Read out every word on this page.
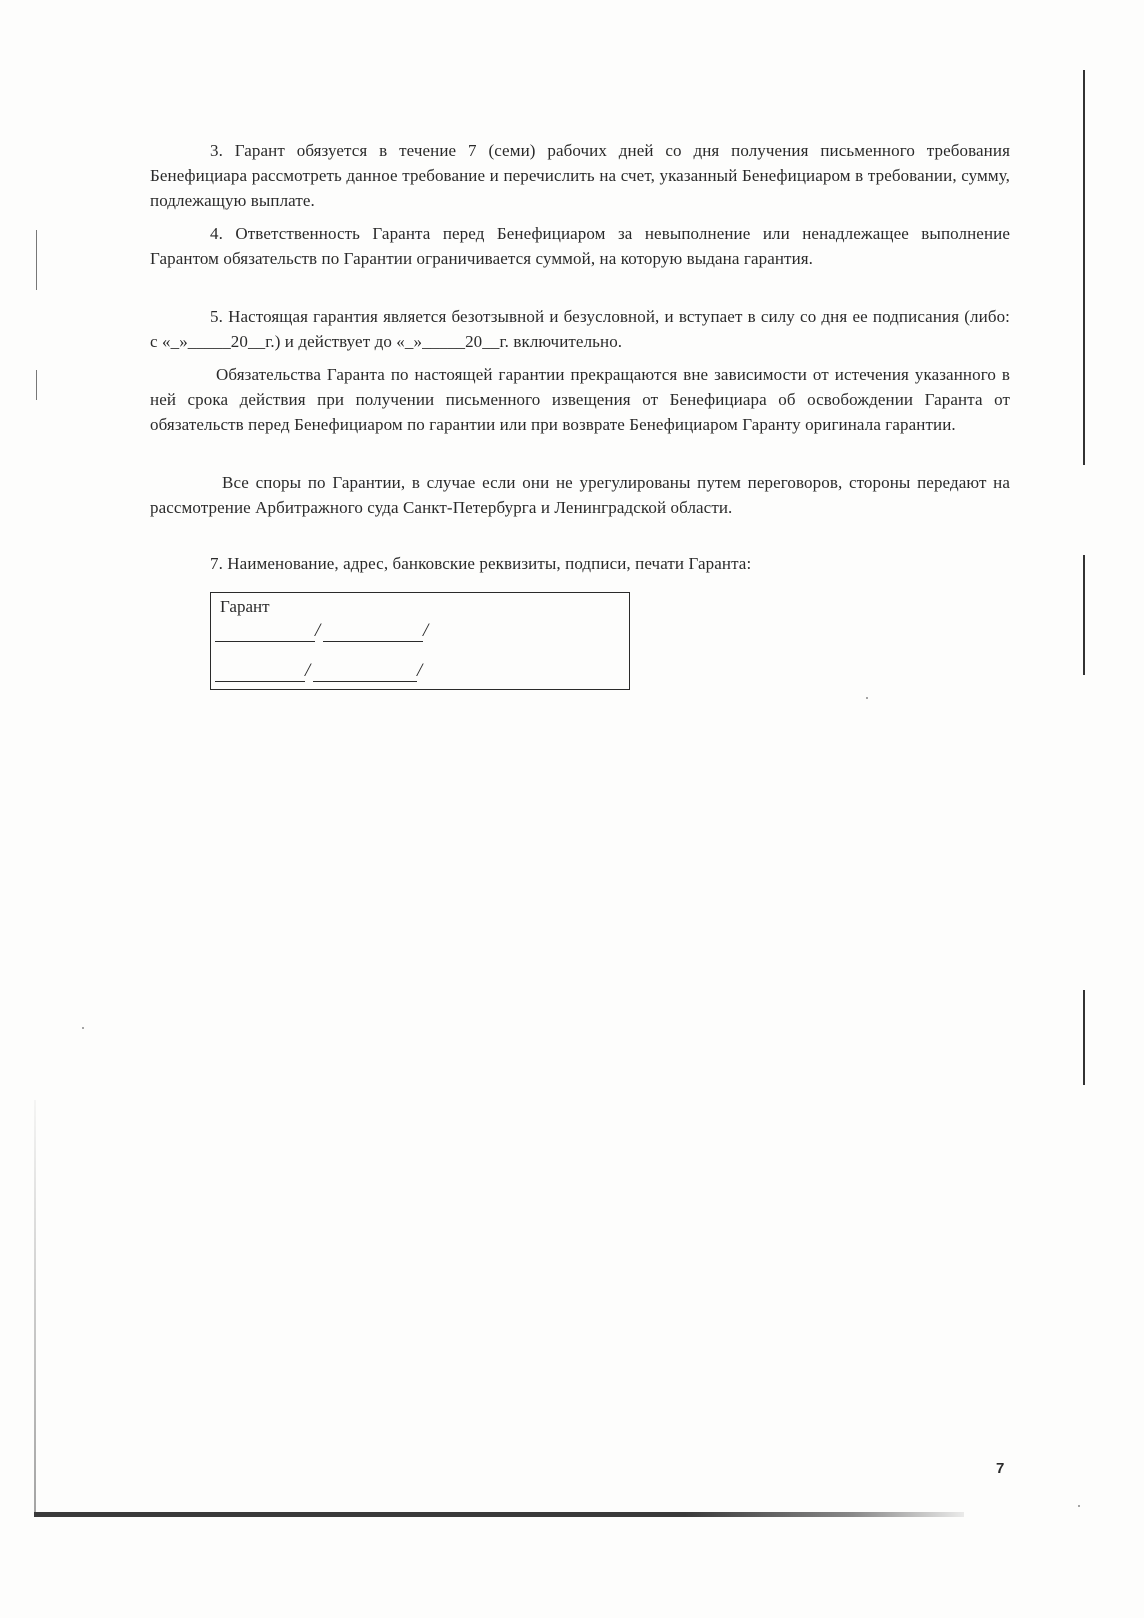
3. Гарант обязуется в течение 7 (семи) рабочих дней со дня получения письменного требования Бенефициара рассмотреть данное требование и перечислить на счет, указанный Бенефициаром в требовании, сумму, подлежащую выплате.

4. Ответственность Гаранта перед Бенефициаром за невыполнение или ненадлежащее выполнение Гарантом обязательств по Гарантии ограничивается суммой, на которую выдана гарантия.

5. Настоящая гарантия является безотзывной и безусловной, и вступает в силу со дня ее подписания (либо: с «_»_____20__г.) и действует до «_»_____20__г. включительно.

Обязательства Гаранта по настоящей гарантии прекращаются вне зависимости от истечения указанного в ней срока действия при получении письменного извещения от Бенефициара об освобождении Гаранта от обязательств перед Бенефициаром по гарантии или при возврате Бенефициаром Гаранту оригинала гарантии.

Все споры по Гарантии, в случае если они не урегулированы путем переговоров, стороны передают на рассмотрение Арбитражного суда Санкт-Петербурга и Ленинградской области.

7. Наименование, адрес, банковские реквизиты, подписи, печати Гаранта:

Гарант
/	/
/	/
7
